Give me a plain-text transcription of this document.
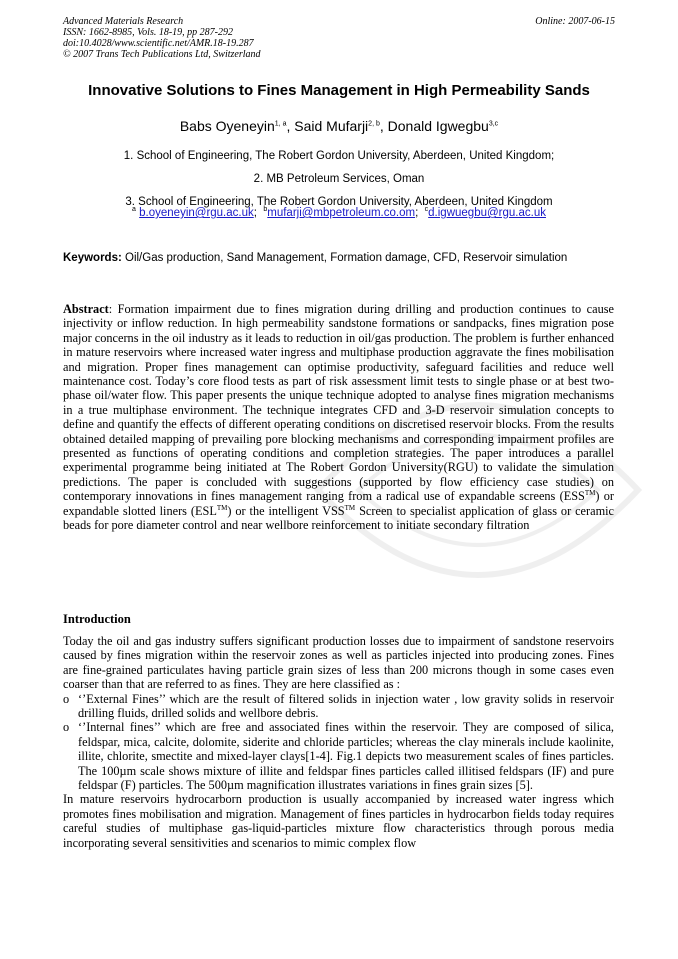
Advanced Materials Research
ISSN: 1662-8985, Vols. 18-19, pp 287-292
doi:10.4028/www.scientific.net/AMR.18-19.287
© 2007 Trans Tech Publications Ltd, Switzerland
Online: 2007-06-15
Innovative Solutions to Fines Management in High Permeability Sands
Babs Oyeneyin$^{1, a}$, Said Mufarji$^{2, b}$, Donald Igwegbu$^{3,c}$
1. School of Engineering, The Robert Gordon University, Aberdeen, United Kingdom;
2. MB Petroleum Services, Oman
3. School of Engineering, The Robert Gordon University, Aberdeen, United Kingdom
$^a$ b.oyeneyin@rgu.ac.uk; $^b$mufarji@mbpetroleum.co.om; $^c$d.igwuegbu@rgu.ac.uk
Keywords: Oil/Gas production, Sand Management, Formation damage, CFD, Reservoir simulation
Abstract: Formation impairment due to fines migration during drilling and production continues to cause injectivity or inflow reduction. In high permeability sandstone formations or sandpacks, fines migration pose major concerns in the oil industry as it leads to reduction in oil/gas production. The problem is further enhanced in mature reservoirs where increased water ingress and multiphase production aggravate the fines mobilisation and migration. Proper fines management can optimise productivity, safeguard facilities and reduce well maintenance cost. Today’s core flood tests as part of risk assessment limit tests to single phase or at best two-phase oil/water flow. This paper presents the unique technique adopted to analyse fines migration mechanisms in a true multiphase environment. The technique integrates CFD and 3-D reservoir simulation concepts to define and quantify the effects of different operating conditions on discretised reservoir blocks. From the results obtained detailed mapping of prevailing pore blocking mechanisms and corresponding impairment profiles are presented as functions of operating conditions and completion strategies. The paper introduces a parallel experimental programme being initiated at The Robert Gordon University(RGU) to validate the simulation predictions. The paper is concluded with suggestions (supported by flow efficiency case studies) on contemporary innovations in fines management ranging from a radical use of expandable screens (ESS™) or expandable slotted liners (ESL™) or the intelligent VSS™ Screen to specialist application of glass or ceramic beads for pore diameter control and near wellbore reinforcement to initiate secondary filtration
Introduction
Today the oil and gas industry suffers significant production losses due to impairment of sandstone reservoirs caused by fines migration within the reservoir zones as well as particles injected into producing zones. Fines are fine-grained particulates having particle grain sizes of less than 200 microns though in some cases even coarser than that are referred to as fines. They are here classified as :
o ‘’External Fines’’ which are the result of filtered solids in injection water , low gravity solids in reservoir drilling fluids, drilled solids and wellbore debris.
o ‘’Internal fines’’ which are free and associated fines within the reservoir. They are composed of silica, feldspar, mica, calcite, dolomite, siderite and chloride particles; whereas the clay minerals include kaolinite, illite, chlorite, smectite and mixed-layer clays[1-4]. Fig.1 depicts two measurement scales of fines particles. The 100µm scale shows mixture of illite and feldspar fines particles called illitised feldspars (IF) and pure feldspar (F) particles. The 500µm magnification illustrates variations in fines grain sizes [5].
In mature reservoirs hydrocarborn production is usually accompanied by increased water ingress which promotes fines mobilisation and migration. Management of fines particles in hydrocarbon fields today requires careful studies of multiphase gas-liquid-particles mixture flow characteristics through porous media incorporating several sensitivities and scenarios to mimic complex flow
